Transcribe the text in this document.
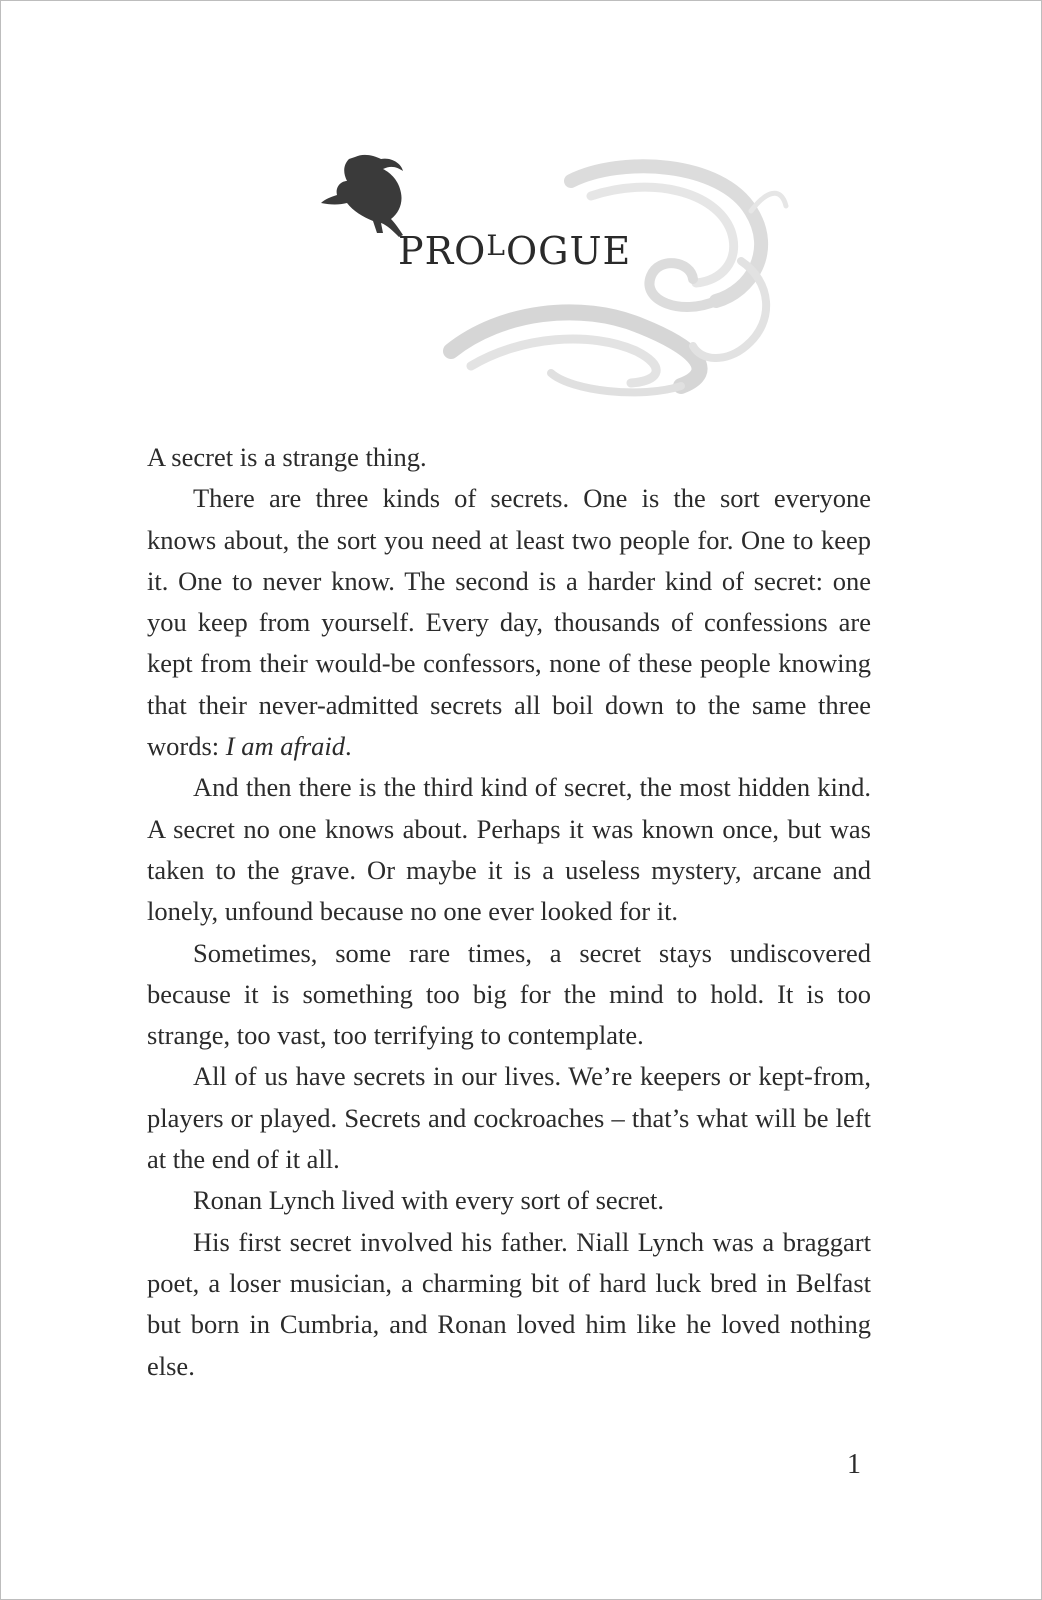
$PRO^LOGUE$

A secret is a strange thing.

There are three kinds of secrets. One is the sort everyone knows about, the sort you need at least two people for. One to keep it. One to never know. The second is a harder kind of secret: one you keep from yourself. Every day, thousands of confessions are kept from their would-be confessors, none of these people knowing that their never-admitted secrets all boil down to the same three words: I am afraid.

And then there is the third kind of secret, the most hidden kind. A secret no one knows about. Perhaps it was known once, but was taken to the grave. Or maybe it is a useless mystery, arcane and lonely, unfound because no one ever looked for it.

Sometimes, some rare times, a secret stays undiscovered because it is something too big for the mind to hold. It is too strange, too vast, too terrifying to contemplate.

All of us have secrets in our lives. We’re keepers or kept-from, players or played. Secrets and cockroaches – that’s what will be left at the end of it all.

Ronan Lynch lived with every sort of secret.

His first secret involved his father. Niall Lynch was a braggart poet, a loser musician, a charming bit of hard luck bred in Belfast but born in Cumbria, and Ronan loved him like he loved nothing else.

1
